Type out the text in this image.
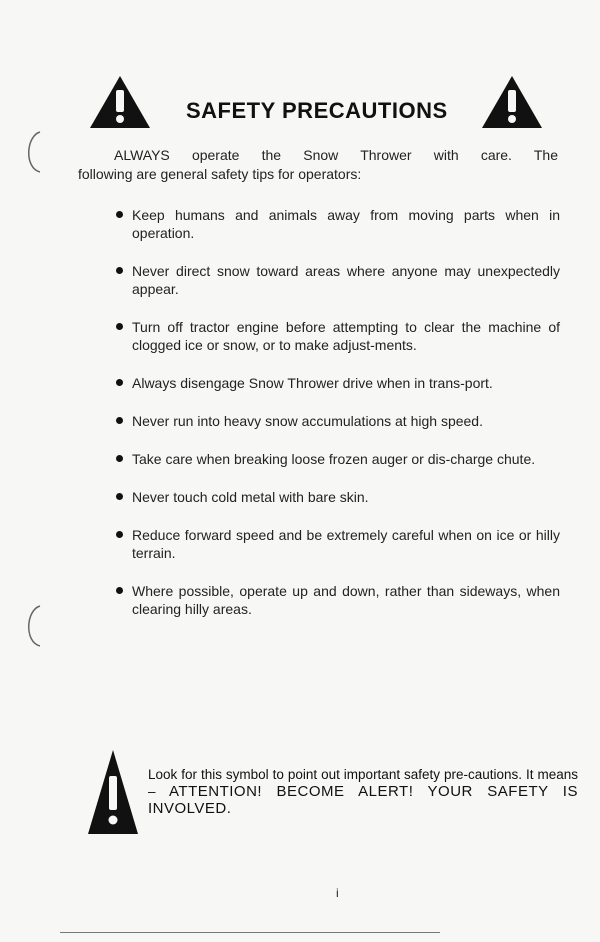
SAFETY PRECAUTIONS
ALWAYS operate the Snow Thrower with care. The
following are general safety tips for operators:
Keep humans and animals away from moving parts when in operation.
Never direct snow toward areas where anyone may unexpectedly appear.
Turn off tractor engine before attempting to clear the machine of clogged ice or snow, or to make adjust-ments.
Always disengage Snow Thrower drive when in trans-port.
Never run into heavy snow accumulations at high speed.
Take care when breaking loose frozen auger or dis-charge chute.
Never touch cold metal with bare skin.
Reduce forward speed and be extremely careful when on ice or hilly terrain.
Where possible, operate up and down, rather than sideways, when clearing hilly areas.
Look for this symbol to point out important safety pre-cautions. It means – ATTENTION! BECOME ALERT! YOUR SAFETY IS INVOLVED.
i
